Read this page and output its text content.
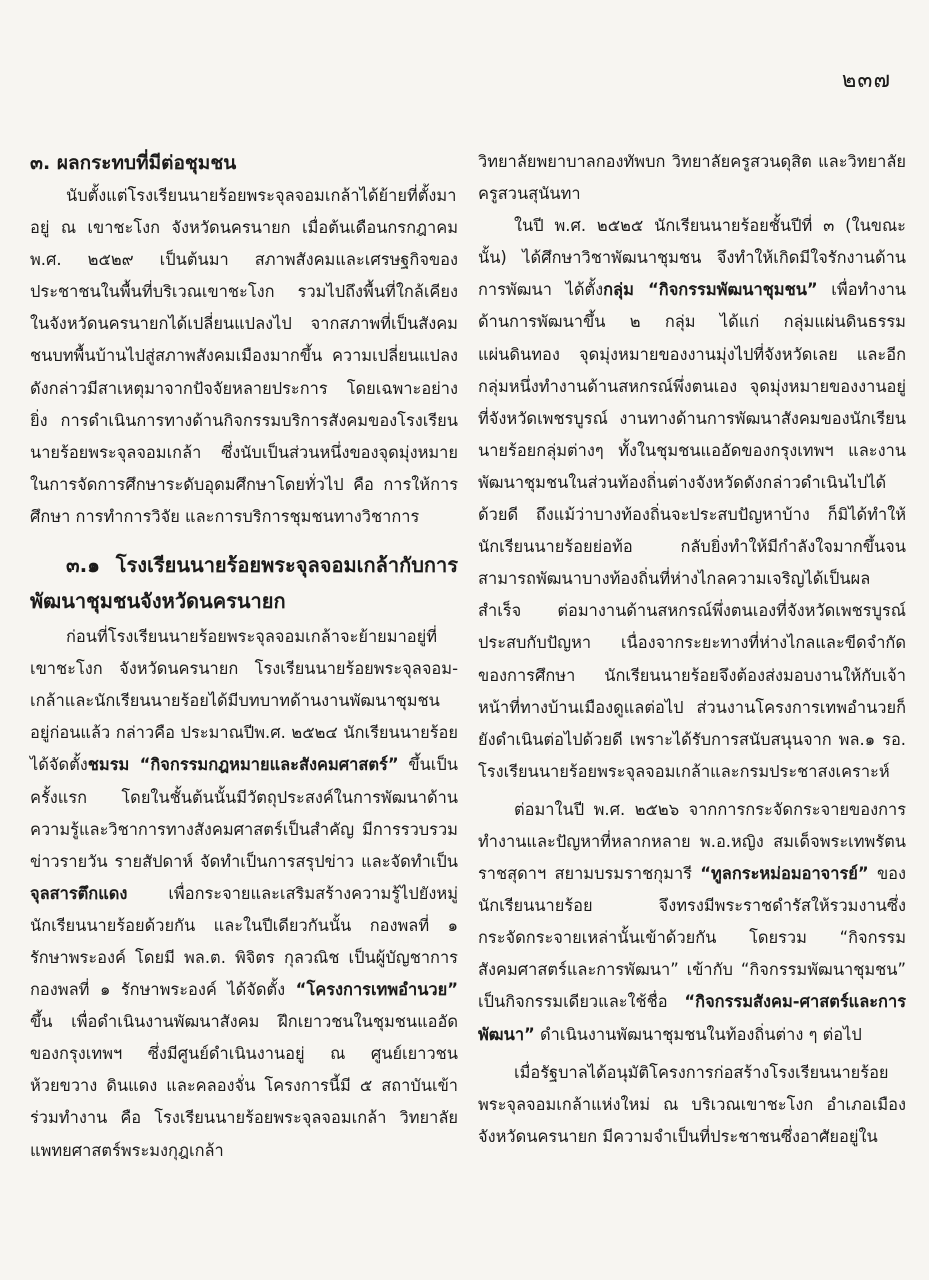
๒๓๗
๓. ผลกระทบที่มีต่อชุมชน

นับตั้งแต่โรงเรียนนายร้อยพระจุลจอมเกล้าได้ย้ายที่ตั้งมาอยู่ ณ เขาชะโงก จังหวัดนครนายก เมื่อต้นเดือนกรกฎาคม พ.ศ. ๒๕๒๙ เป็นต้นมา สภาพสังคมและเศรษฐกิจของประชาชนในพื้นที่บริเวณเขาชะโงก รวมไปถึงพื้นที่ใกล้เคียงในจังหวัดนครนายกได้เปลี่ยนแปลงไป จากสภาพที่เป็นสังคมชนบทพื้นบ้านไปสู่สภาพสังคมเมืองมากขึ้น ความเปลี่ยนแปลงดังกล่าวมีสาเหตุมาจากปัจจัยหลายประการ โดยเฉพาะอย่างยิ่ง การดำเนินการทางด้านกิจกรรมบริการสังคมของโรงเรียนนายร้อยพระจุลจอมเกล้า ซึ่งนับเป็นส่วนหนึ่งของจุดมุ่งหมาย ในการจัดการศึกษาระดับอุดมศึกษาโดยทั่วไป คือ การให้การศึกษา การทำการวิจัย และการบริการชุมชนทางวิชาการ

๓.๑ โรงเรียนนายร้อยพระจุลจอมเกล้ากับการพัฒนาชุมชนจังหวัดนครนายก

ก่อนที่โรงเรียนนายร้อยพระจุลจอมเกล้าจะย้ายมาอยู่ที่เขาชะโงก จังหวัดนครนายก โรงเรียนนายร้อยพระจุลจอม-เกล้าและนักเรียนนายร้อยได้มีบทบาทด้านงานพัฒนาชุมชนอยู่ก่อนแล้ว กล่าวคือ ประมาณปีพ.ศ. ๒๕๒๔ นักเรียนนายร้อยได้จัดตั้งชมรม “กิจกรรมกฎหมายและสังคมศาสตร์” ขึ้นเป็นครั้งแรก โดยในชั้นต้นนั้นมีวัตถุประสงค์ในการพัฒนาด้านความรู้และวิชาการทางสังคมศาสตร์เป็นสำคัญ มีการรวบรวมข่าวรายวัน รายสัปดาห์ จัดทำเป็นการสรุปข่าว และจัดทำเป็นจุลสารตึกแดง เพื่อกระจายและเสริมสร้างความรู้ไปยังหมู่นักเรียนนายร้อยด้วยกัน และในปีเดียวกันนั้น กองพลที่ ๑ รักษาพระองค์ โดยมี พล.ต. พิจิตร กุลวณิช เป็นผู้บัญชาการกองพลที่ ๑ รักษาพระองค์ ได้จัดตั้ง “โครงการเทพอำนวย” ขึ้น เพื่อดำเนินงานพัฒนาสังคม ฝึกเยาวชนในชุมชนแออัดของกรุงเทพฯ ซึ่งมีศูนย์ดำเนินงานอยู่ ณ ศูนย์เยาวชนห้วยขวาง ดินแดง และคลองจั่น โครงการนี้มี ๕ สถาบันเข้าร่วมทำงาน คือ โรงเรียนนายร้อยพระจุลจอมเกล้า วิทยาลัยแพทยศาสตร์พระมงกุฎเกล้า

วิทยาลัยพยาบาลกองทัพบก วิทยาลัยครูสวนดุสิต และวิทยาลัยครูสวนสุนันทา

ในปี พ.ศ. ๒๕๒๕ นักเรียนนายร้อยชั้นปีที่ ๓ (ในขณะนั้น) ได้ศึกษาวิชาพัฒนาชุมชน จึงทำให้เกิดมีใจรักงานด้านการพัฒนา ได้ตั้งกลุ่ม “กิจกรรมพัฒนาชุมชน” เพื่อทำงานด้านการพัฒนาขึ้น ๒ กลุ่ม ได้แก่ กลุ่มแผ่นดินธรรม แผ่นดินทอง จุดมุ่งหมายของงานมุ่งไปที่จังหวัดเลย และอีกกลุ่มหนึ่งทำงานด้านสหกรณ์พึ่งตนเอง จุดมุ่งหมายของงานอยู่ที่จังหวัดเพชรบูรณ์ งานทางด้านการพัฒนาสังคมของนักเรียนนายร้อยกลุ่มต่างๆ ทั้งในชุมชนแออัดของกรุงเทพฯ และงานพัฒนาชุมชนในส่วนท้องถิ่นต่างจังหวัดดังกล่าวดำเนินไปได้ด้วยดี ถึงแม้ว่าบางท้องถิ่นจะประสบปัญหาบ้าง ก็มิได้ทำให้นักเรียนนายร้อยย่อท้อ กลับยิ่งทำให้มีกำลังใจมากขึ้นจนสามารถพัฒนาบางท้องถิ่นที่ห่างไกลความเจริญได้เป็นผลสำเร็จ ต่อมางานด้านสหกรณ์พึ่งตนเองที่จังหวัดเพชรบูรณ์ประสบกับปัญหา เนื่องจากระยะทางที่ห่างไกลและขีดจำกัดของการศึกษา นักเรียนนายร้อยจึงต้องส่งมอบงานให้กับเจ้าหน้าที่ทางบ้านเมืองดูแลต่อไป ส่วนงานโครงการเทพอำนวยก็ยังดำเนินต่อไปด้วยดี เพราะได้รับการสนับสนุนจาก พล.๑ รอ. โรงเรียนนายร้อยพระจุลจอมเกล้าและกรมประชาสงเคราะห์

ต่อมาในปี พ.ศ. ๒๕๒๖ จากการกระจัดกระจายของการทำงานและปัญหาที่หลากหลาย พ.อ.หญิง สมเด็จพระเทพรัตนราชสุดาฯ สยามบรมราชกุมารี “ทูลกระหม่อมอาจารย์” ของนักเรียนนายร้อย จึงทรงมีพระราชดำรัสให้รวมงานซึ่งกระจัดกระจายเหล่านั้นเข้าด้วยกัน โดยรวม “กิจกรรมสังคมศาสตร์และการพัฒนา” เข้ากับ “กิจกรรมพัฒนาชุมชน” เป็นกิจกรรมเดียวและใช้ชื่อ “กิจกรรมสังคม-ศาสตร์และการพัฒนา” ดำเนินงานพัฒนาชุมชนในท้องถิ่นต่าง ๆ ต่อไป

เมื่อรัฐบาลได้อนุมัติโครงการก่อสร้างโรงเรียนนายร้อยพระจุลจอมเกล้าแห่งใหม่ ณ บริเวณเขาชะโงก อำเภอเมืองจังหวัดนครนายก มีความจำเป็นที่ประชาชนซึ่งอาศัยอยู่ใน
